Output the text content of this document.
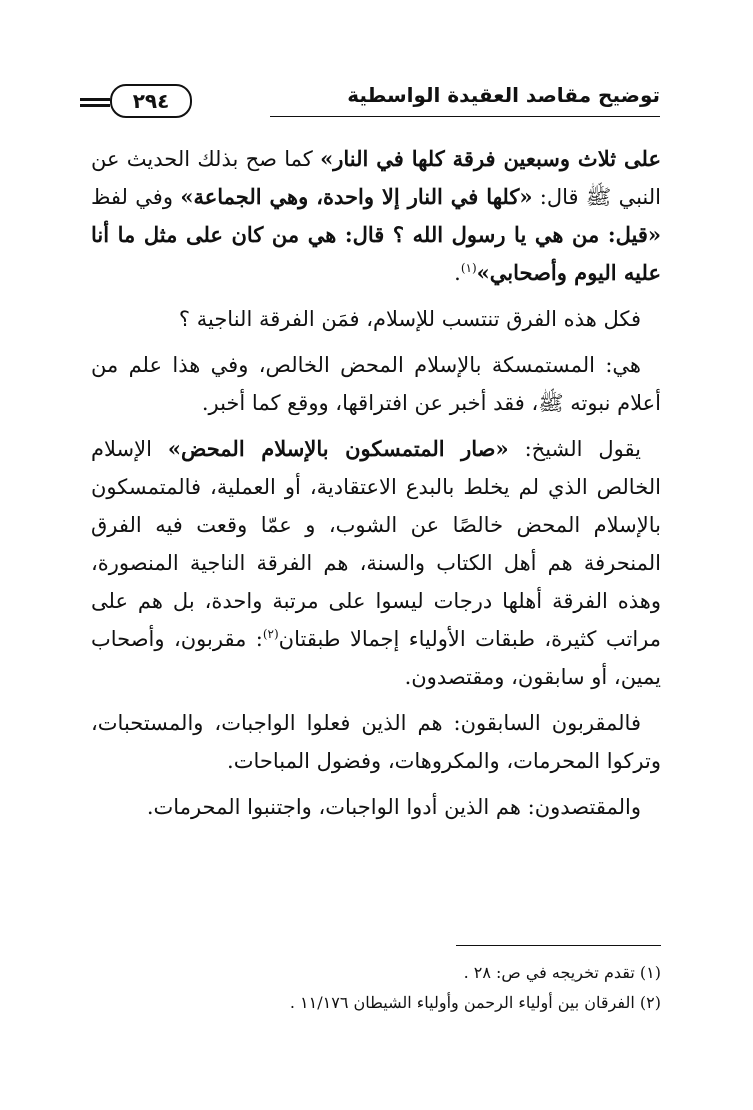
٢٩٤	توضيح مقاصد العقيدة الواسطية

على ثلاث وسبعين فرقة كلها في النار» كما صح بذلك الحديث عن النبي ﷺ قال: «كلها في النار إلا واحدة، وهي الجماعة» وفي لفظ «قيل: من هي يا رسول الله ؟ قال: هي من كان على مثل ما أنا عليه اليوم وأصحابي»$^{(١)}$.

فكل هذه الفرق تنتسب للإسلام، فمَن الفرقة الناجية ؟

هي: المستمسكة بالإسلام المحض الخالص، وفي هذا علم من أعلام نبوته ﷺ، فقد أخبر عن افتراقها، ووقع كما أخبر.

يقول الشيخ: «صار المتمسكون بالإسلام المحض» الإسلام الخالص الذي لم يخلط بالبدع الاعتقادية، أو العملية، فالمتمسكون بالإسلام المحض خالصًا عن الشوب، و عمّا وقعت فيه الفرق المنحرفة هم أهل الكتاب والسنة، هم الفرقة الناجية المنصورة، وهذه الفرقة أهلها درجات ليسوا على مرتبة واحدة، بل هم على مراتب كثيرة، طبقات الأولياء إجمالا طبقتان$^{(٢)}$: مقربون، وأصحاب يمين، أو سابقون، ومقتصدون.

فالمقربون السابقون: هم الذين فعلوا الواجبات، والمستحبات، وتركوا المحرمات، والمكروهات، وفضول المباحات.

والمقتصدون: هم الذين أدوا الواجبات، واجتنبوا المحرمات.

(١) تقدم تخريجه في ص: ٢٨ .
(٢) الفرقان بين أولياء الرحمن وأولياء الشيطان ١١/١٧٦ .
